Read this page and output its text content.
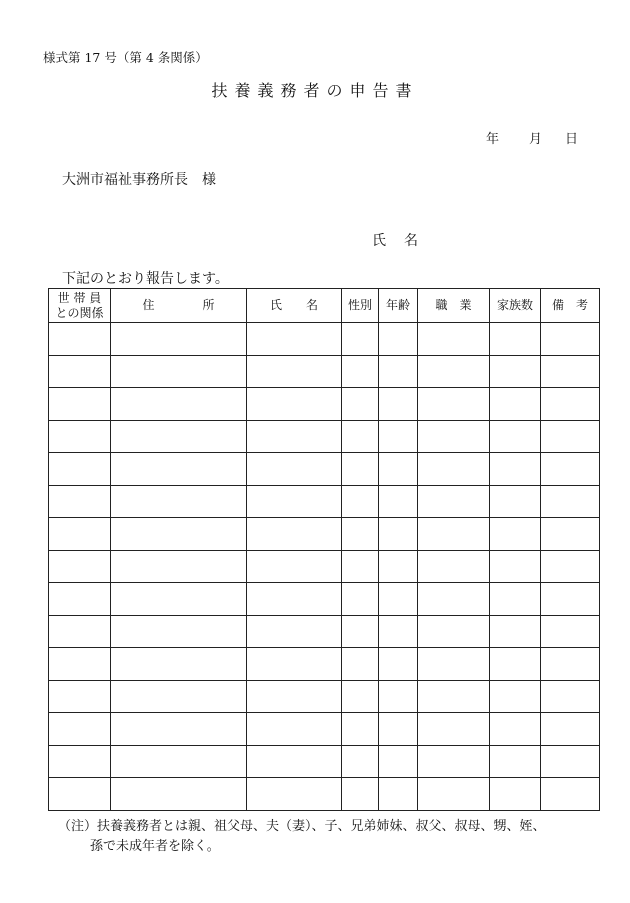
様式第 17 号（第 4 条関係）
扶養義務者の申告書
年 月 日
大洲市福祉事務所長　様
氏 名
下記のとおり報告します。
世 帯 員
との関係	住　　　　所	氏　　名	性別	年齢	職　業	家族数	備　考

（注）扶養義務者とは親、祖父母、夫（妻）、子、兄弟姉妹、叔父、叔母、甥、姪、
孫で未成年者を除く。
